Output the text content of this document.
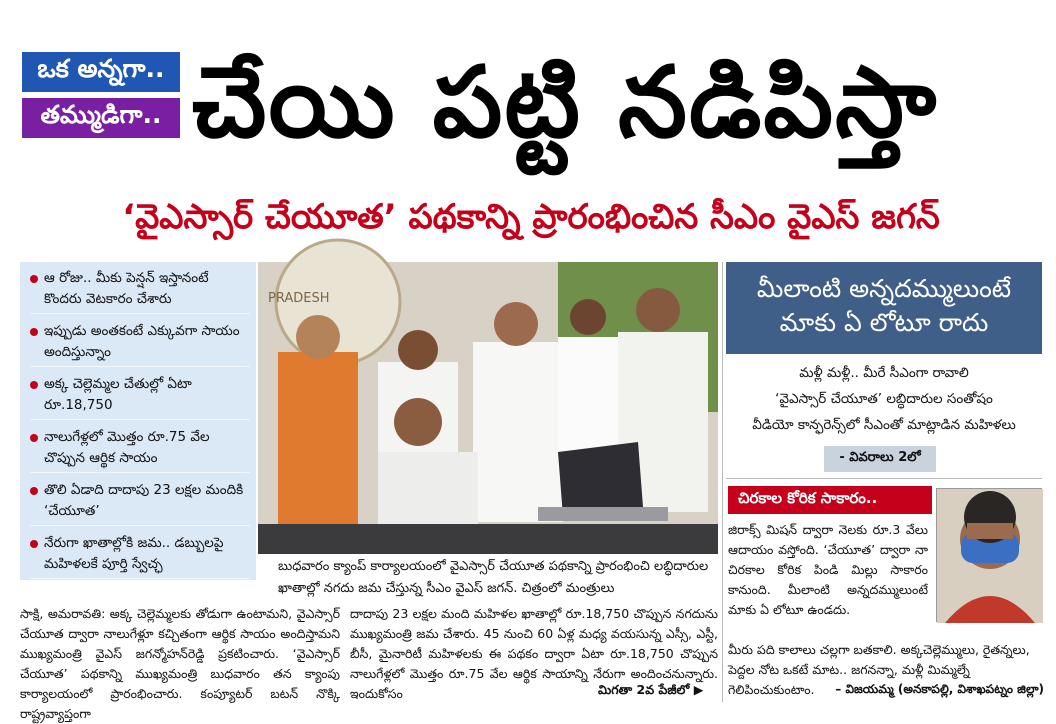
ఒక అన్నగా..
తమ్ముడిగా.. చేయి పట్టి నడిపిస్తా
‘వైఎస్సార్ చేయూత’ పథకాన్ని ప్రారంభించిన సీఎం వైఎస్ జగన్
ఆ రోజు.. మీకు పెన్షన్ ఇస్తానంటే కొందరు వెటకారం చేశారు
ఇప్పుడు అంతకంటే ఎక్కువగా సాయం అందిస్తున్నాం
అక్క చెల్లెమ్మల చేతుల్లో ఏటా రూ.18,750
నాలుగేళ్లలో మొత్తం రూ.75 వేల చొప్పున ఆర్థిక సాయం
తొలి ఏడాది దాదాపు 23 లక్షల మందికి ‘చేయూత’
నేరుగా ఖాతాల్లోకి జమ.. డబ్బులపై మహిళలకే పూర్తి స్వేచ్ఛ
PRADESH
బుధవారం క్యాంప్ కార్యాలయంలో వైఎస్సార్ చేయూత పథకాన్ని ప్రారంభించి లబ్ధిదారుల ఖాతాల్లో నగదు జమ చేస్తున్న సీఎం వైఎస్ జగన్. చిత్రంలో మంత్రులు
సాక్షి, అమరావతి: అక్క చెల్లెమ్మలకు తోడుగా ఉంటామని, వైఎస్సార్ చేయూత ద్వారా నాలుగేళ్లూ కచ్చితంగా ఆర్థిక సాయం అందిస్తామని ముఖ్యమంత్రి వైఎస్ జగన్మోహన్‌రెడ్డి ప్రకటించారు. ‘వైఎస్సార్ చేయూత’ పథకాన్ని ముఖ్యమంత్రి బుధవారం తన క్యాంపు కార్యాలయంలో ప్రారంభించారు. కంప్యూటర్ బటన్ నొక్కి రాష్ట్రవ్యాప్తంగా
దాదాపు 23 లక్షల మంది మహిళల ఖాతాల్లో రూ.18,750 చొప్పున నగదును ముఖ్యమంత్రి జమ చేశారు. 45 నుంచి 60 ఏళ్ల మధ్య వయసున్న ఎస్సీ, ఎస్టీ, బీసీ, మైనారిటీ మహిళలకు ఈ పథకం ద్వారా ఏటా రూ.18,750 చొప్పున నాలుగేళ్లలో మొత్తం రూ.75 వేల ఆర్థిక సాయాన్ని నేరుగా అందించనున్నారు. ఇందుకోసం	మిగతా 2వ పేజీలో ▶
మీలాంటి అన్నదమ్ములుంటే
మాకు ఏ లోటూ రాదు
మళ్లీ మళ్లీ.. మీరే సీఎంగా రావాలి
‘వైఎస్సార్ చేయూత’ లబ్ధిదారుల సంతోషం
వీడియో కాన్ఫరెన్స్‌లో సీఎంతో మాట్లాడిన మహిళలు
- వివరాలు 2లో
చిరకాల కోరిక సాకారం..
జిరాక్స్ మిషన్ ద్వారా నెలకు రూ.3 వేలు ఆదాయం వస్తోంది. ‘చేయూత’ ద్వారా నా చిరకాల కోరిక పిండి మిల్లు సాకారం కానుంది. మీలాంటి అన్నదమ్ములుంటే మాకు ఏ లోటూ ఉండదు.
మీరు పది కాలాలు చల్లగా బతకాలి. అక్కచెల్లెమ్ములు, రైతన్నలు, పెద్దల నోట ఒకటే మాట.. జగనన్నా, మళ్లీ మిమ్మల్నే గెలిపించుకుంటాం.	– విజయమ్మ (అనకాపల్లి, విశాఖపట్నం జిల్లా)
